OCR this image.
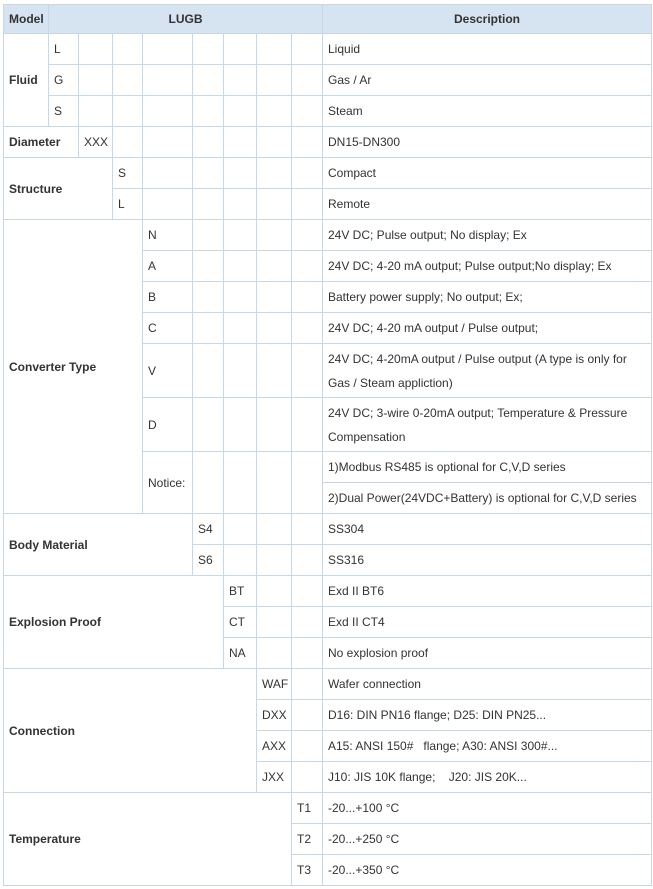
Model	LUGB								Description
Fluid	L								Liquid
	G								Gas / Ar
	S								Steam
Diameter		XXX							DN15-DN300
Structure			S						Compact
			L						Remote
Converter Type				N					24V DC; Pulse output; No display; Ex
				A					24V DC; 4-20 mA output; Pulse output;No display; Ex
				B					Battery power supply; No output; Ex;
				C					24V DC; 4-20 mA output / Pulse output;
				V					24V DC; 4-20mA output / Pulse output (A type is only for Gas / Steam appliction)
				D					24V DC; 3-wire 0-20mA output; Temperature & Pressure Compensation
				Notice:					1)Modbus RS485 is optional for C,V,D series
									2)Dual Power(24VDC+Battery) is optional for C,V,D series
Body Material					S4				SS304
					S6				SS316
Explosion Proof						BT			Exd II BT6
						CT			Exd II CT4
						NA			No explosion proof
Connection							WAF		Wafer connection
							DXX		D16: DIN PN16 flange; D25: DIN PN25...
							AXX		A15: ANSI 150#   flange; A30: ANSI 300#...
							JXX		J10: JIS 10K flange;    J20: JIS 20K...
Temperature								T1	-20...+100 °C
								T2	-20...+250 °C
								T3	-20...+350 °C
